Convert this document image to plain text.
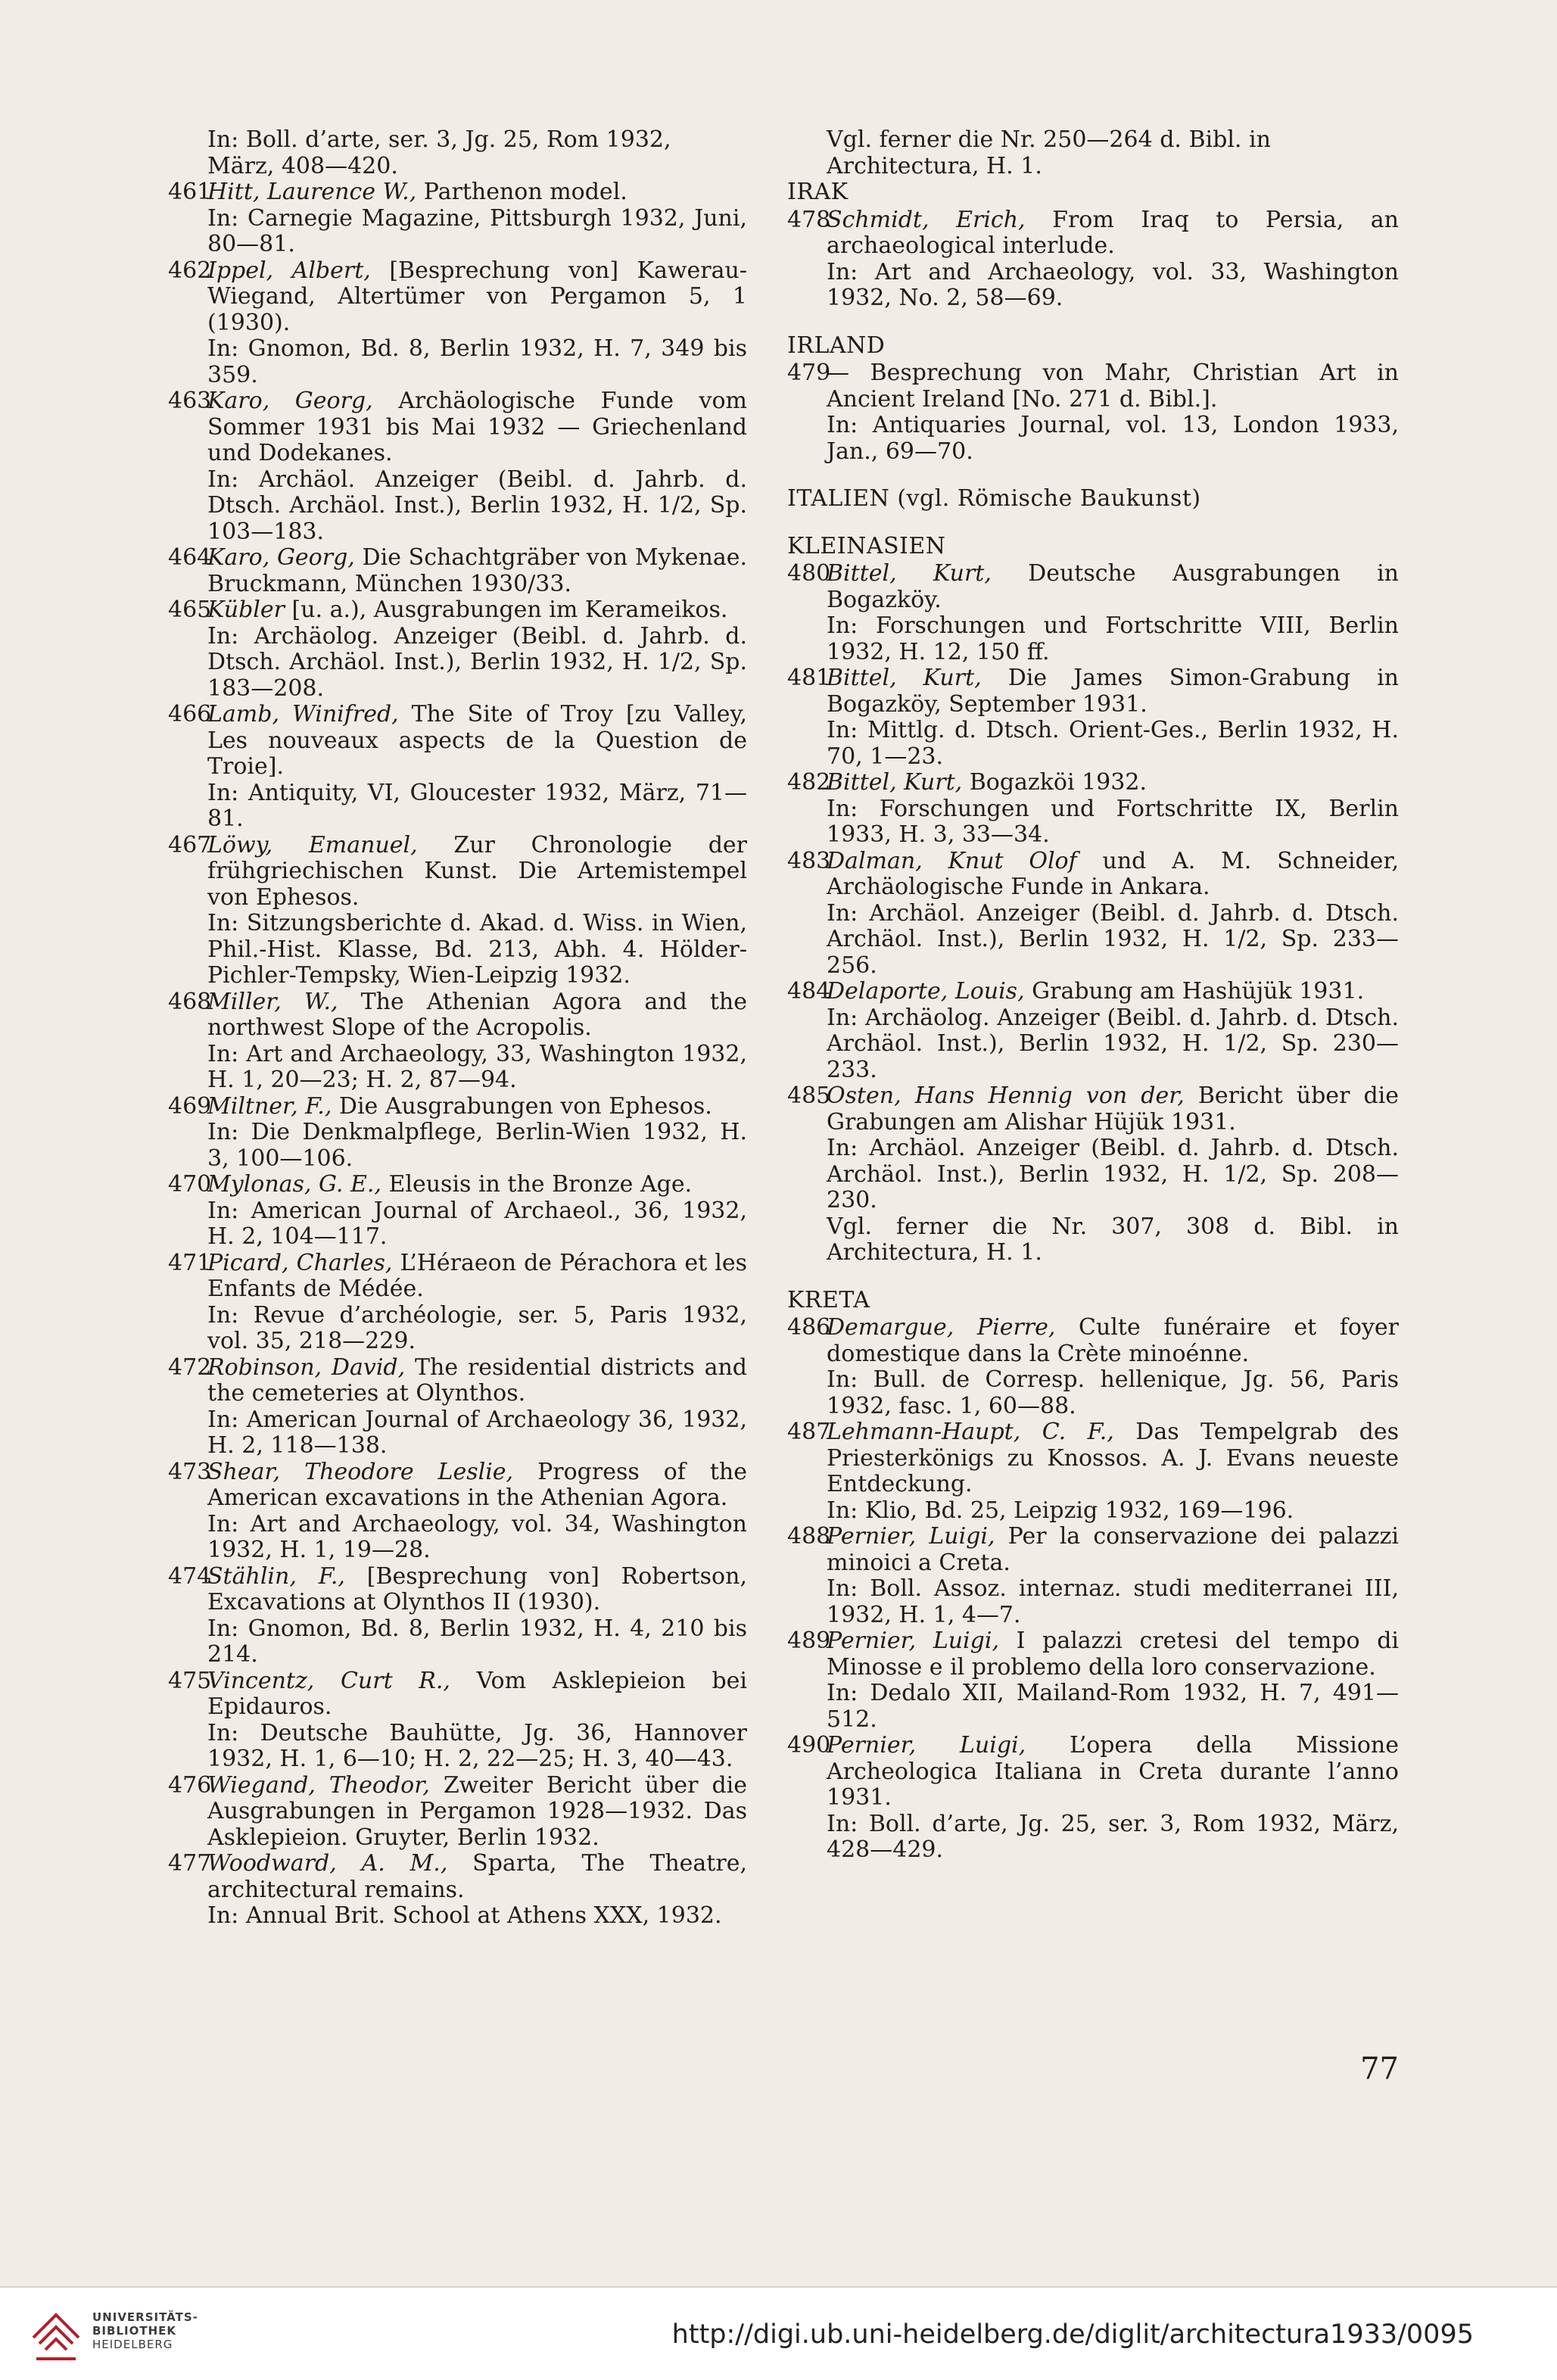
In: Boll. d’arte, ser. 3, Jg. 25, Rom 1932,
März, 408—420.
461
Hitt, Laurence W., Parthenon model.
In: Carnegie Magazine, Pittsburgh 1932, Juni, 80—81.
462
Ippel, Albert, [Besprechung von] Kawerau-Wiegand, Altertümer von Pergamon 5, 1 (1930).
In: Gnomon, Bd. 8, Berlin 1932, H. 7, 349 bis 359.
463
Karo, Georg, Archäologische Funde vom Sommer 1931 bis Mai 1932 — Griechenland und Dodekanes.
In: Archäol. Anzeiger (Beibl. d. Jahrb. d. Dtsch. Archäol. Inst.), Berlin 1932, H. 1/2, Sp. 103—183.
464
Karo, Georg, Die Schachtgräber von Mykenae. Bruckmann, München 1930/33.
465
Kübler [u. a.), Ausgrabungen im Kerameikos.
In: Archäolog. Anzeiger (Beibl. d. Jahrb. d. Dtsch. Archäol. Inst.), Berlin 1932, H. 1/2, Sp. 183—208.
466
Lamb, Winifred, The Site of Troy [zu Valley, Les nouveaux aspects de la Question de Troie].
In: Antiquity, VI, Gloucester 1932, März, 71—81.
467
Löwy, Emanuel, Zur Chronologie der frühgriechischen Kunst. Die Artemistempel von Ephesos.
In: Sitzungsberichte d. Akad. d. Wiss. in Wien, Phil.-Hist. Klasse, Bd. 213, Abh. 4. Hölder-Pichler-Tempsky, Wien-Leipzig 1932.
468
Miller, W., The Athenian Agora and the northwest Slope of the Acropolis.
In: Art and Archaeology, 33, Washington 1932, H. 1, 20—23; H. 2, 87—94.
469
Miltner, F., Die Ausgrabungen von Ephesos.
In: Die Denkmalpflege, Berlin-Wien 1932, H. 3, 100—106.
470
Mylonas, G. E., Eleusis in the Bronze Age.
In: American Journal of Archaeol., 36, 1932, H. 2, 104—117.
471
Picard, Charles, L’Héraeon de Pérachora et les Enfants de Médée.
In: Revue d’archéologie, ser. 5, Paris 1932, vol. 35, 218—229.
472
Robinson, David, The residential districts and the cemeteries at Olynthos.
In: American Journal of Archaeology 36, 1932, H. 2, 118—138.
473
Shear, Theodore Leslie, Progress of the American excavations in the Athenian Agora.
In: Art and Archaeology, vol. 34, Washington 1932, H. 1, 19—28.
474
Stählin, F., [Besprechung von] Robertson, Excavations at Olynthos II (1930).
In: Gnomon, Bd. 8, Berlin 1932, H. 4, 210 bis 214.
475
Vincentz, Curt R., Vom Asklepieion bei Epidauros.
In: Deutsche Bauhütte, Jg. 36, Hannover 1932, H. 1, 6—10; H. 2, 22—25; H. 3, 40—43.
476
Wiegand, Theodor, Zweiter Bericht über die Ausgrabungen in Pergamon 1928—1932. Das Asklepieion. Gruyter, Berlin 1932.
477
Woodward, A. M., Sparta, The Theatre, architectural remains.
In: Annual Brit. School at Athens XXX, 1932.
Vgl. ferner die Nr. 250—264 d. Bibl. in
Architectura, H. 1.
IRAK
478
Schmidt, Erich, From Iraq to Persia, an archaeological interlude.
In: Art and Archaeology, vol. 33, Washington 1932, No. 2, 58—69.
IRLAND
479
— Besprechung von Mahr, Christian Art in Ancient Ireland [No. 271 d. Bibl.].
In: Antiquaries Journal, vol. 13, London 1933, Jan., 69—70.
ITALIEN (vgl. Römische Baukunst)
KLEINASIEN
480
Bittel, Kurt, Deutsche Ausgrabungen in Bogazköy.
In: Forschungen und Fortschritte VIII, Berlin 1932, H. 12, 150 ff.
481
Bittel, Kurt, Die James Simon-Grabung in Bogazköy, September 1931.
In: Mittlg. d. Dtsch. Orient-Ges., Berlin 1932, H. 70, 1—23.
482
Bittel, Kurt, Bogazköi 1932.
In: Forschungen und Fortschritte IX, Berlin 1933, H. 3, 33—34.
483
Dalman, Knut Olof und A. M. Schneider, Archäologische Funde in Ankara.
In: Archäol. Anzeiger (Beibl. d. Jahrb. d. Dtsch. Archäol. Inst.), Berlin 1932, H. 1/2, Sp. 233—256.
484
Delaporte, Louis, Grabung am Hashüjük 1931.
In: Archäolog. Anzeiger (Beibl. d. Jahrb. d. Dtsch. Archäol. Inst.), Berlin 1932, H. 1/2, Sp. 230—233.
485
Osten, Hans Hennig von der, Bericht über die Grabungen am Alishar Hüjük 1931.
In: Archäol. Anzeiger (Beibl. d. Jahrb. d. Dtsch. Archäol. Inst.), Berlin 1932, H. 1/2, Sp. 208—230.
Vgl. ferner die Nr. 307, 308 d. Bibl. in Architectura, H. 1.
KRETA
486
Demargue, Pierre, Culte funéraire et foyer domestique dans la Crète minoénne.
In: Bull. de Corresp. hellenique, Jg. 56, Paris 1932, fasc. 1, 60—88.
487
Lehmann-Haupt, C. F., Das Tempelgrab des Priesterkönigs zu Knossos. A. J. Evans neueste Entdeckung.
In: Klio, Bd. 25, Leipzig 1932, 169—196.
488
Pernier, Luigi, Per la conservazione dei palazzi minoici a Creta.
In: Boll. Assoz. internaz. studi mediterranei III, 1932, H. 1, 4—7.
489
Pernier, Luigi, I palazzi cretesi del tempo di Minosse e il problemo della loro conservazione.
In: Dedalo XII, Mailand-Rom 1932, H. 7, 491—512.
490
Pernier, Luigi, L’opera della Missione Archeologica Italiana in Creta durante l’anno 1931.
In: Boll. d’arte, Jg. 25, ser. 3, Rom 1932, März, 428—429.
77
UNIVERSITÄTS-
BIBLIOTHEK
HEIDELBERG	http://digi.ub.uni-heidelberg.de/diglit/architectura1933/0095
